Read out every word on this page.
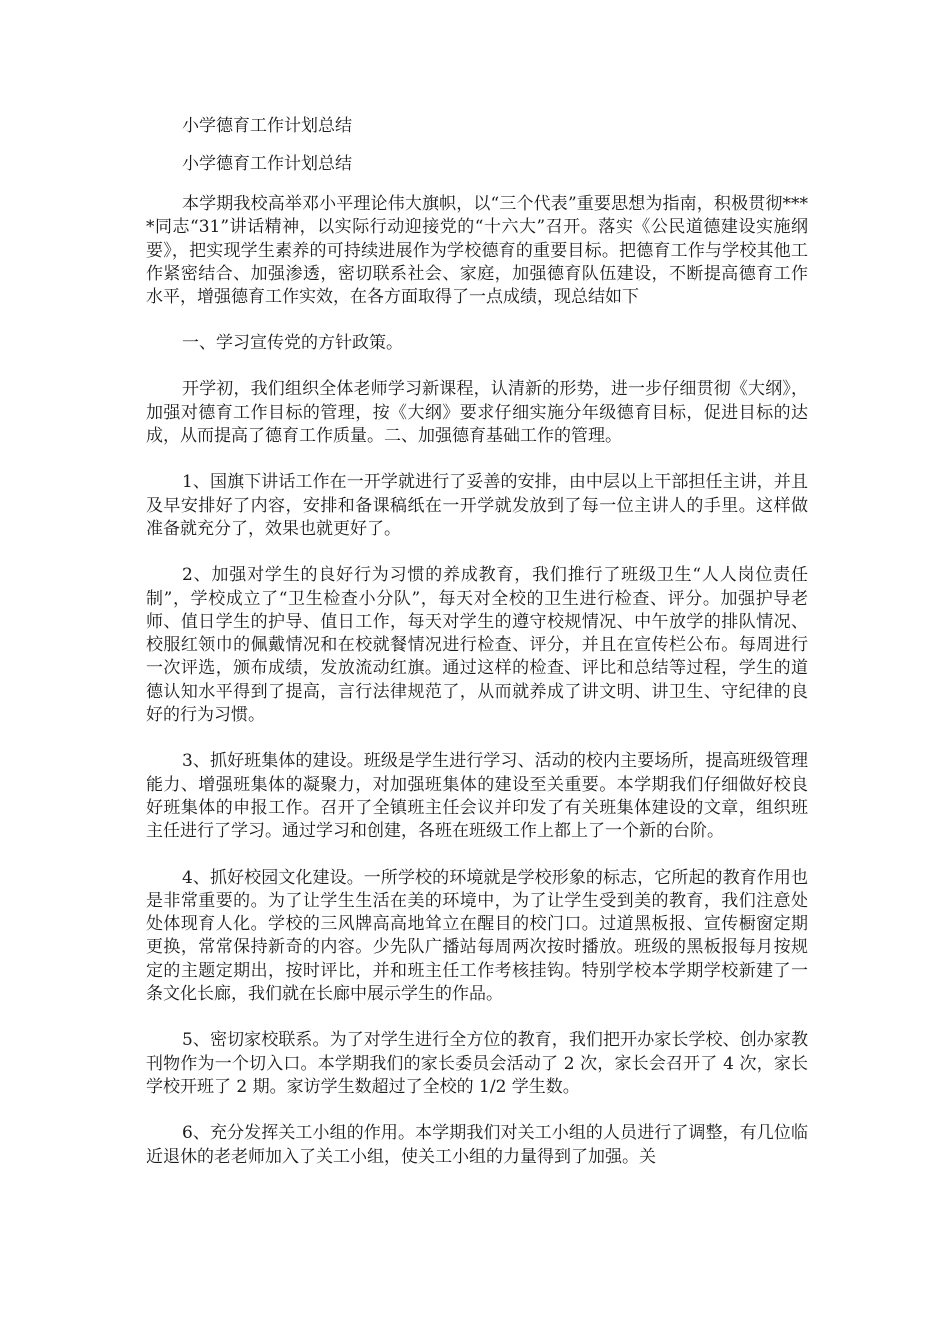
小学德育工作计划总结
小学德育工作计划总结

本学期我校高举邓小平理论伟大旗帜，以“三个代表”重要思想为指南，积极贯彻****同志“31”讲话精神，以实际行动迎接党的“十六大”召开。落实《公民道德建设实施纲要》，把实现学生素养的可持续进展作为学校德育的重要目标。把德育工作与学校其他工作紧密结合、加强渗透，密切联系社会、家庭，加强德育队伍建设，不断提高德育工作水平，增强德育工作实效，在各方面取得了一点成绩，现总结如下

一、学习宣传党的方针政策。

开学初，我们组织全体老师学习新课程，认清新的形势，进一步仔细贯彻《大纲》，加强对德育工作目标的管理，按《大纲》要求仔细实施分年级德育目标，促进目标的达成，从而提高了德育工作质量。二、加强德育基础工作的管理。

1、国旗下讲话工作在一开学就进行了妥善的安排，由中层以上干部担任主讲，并且及早安排好了内容，安排和备课稿纸在一开学就发放到了每一位主讲人的手里。这样做准备就充分了，效果也就更好了。

2、加强对学生的良好行为习惯的养成教育，我们推行了班级卫生“人人岗位责任制”，学校成立了“卫生检查小分队”，每天对全校的卫生进行检查、评分。加强护导老师、值日学生的护导、值日工作，每天对学生的遵守校规情况、中午放学的排队情况、校服红领巾的佩戴情况和在校就餐情况进行检查、评分，并且在宣传栏公布。每周进行一次评选，颁布成绩，发放流动红旗。通过这样的检查、评比和总结等过程，学生的道德认知水平得到了提高，言行法律规范了，从而就养成了讲文明、讲卫生、守纪律的良好的行为习惯。

3、抓好班集体的建设。班级是学生进行学习、活动的校内主要场所，提高班级管理能力、增强班集体的凝聚力，对加强班集体的建设至关重要。本学期我们仔细做好校良好班集体的申报工作。召开了全镇班主任会议并印发了有关班集体建设的文章，组织班主任进行了学习。通过学习和创建，各班在班级工作上都上了一个新的台阶。

4、抓好校园文化建设。一所学校的环境就是学校形象的标志，它所起的教育作用也是非常重要的。为了让学生生活在美的环境中，为了让学生受到美的教育，我们注意处处体现育人化。学校的三风牌高高地耸立在醒目的校门口。过道黑板报、宣传橱窗定期更换，常常保持新奇的内容。少先队广播站每周两次按时播放。班级的黑板报每月按规定的主题定期出，按时评比，并和班主任工作考核挂钩。特别学校本学期学校新建了一条文化长廊，我们就在长廊中展示学生的作品。

5、密切家校联系。为了对学生进行全方位的教育，我们把开办家长学校、创办家教刊物作为一个切入口。本学期我们的家长委员会活动了 2 次，家长会召开了 4 次，家长学校开班了 2 期。家访学生数超过了全校的 1/2 学生数。

6、充分发挥关工小组的作用。本学期我们对关工小组的人员进行了调整，有几位临近退休的老老师加入了关工小组，使关工小组的力量得到了加强。关
